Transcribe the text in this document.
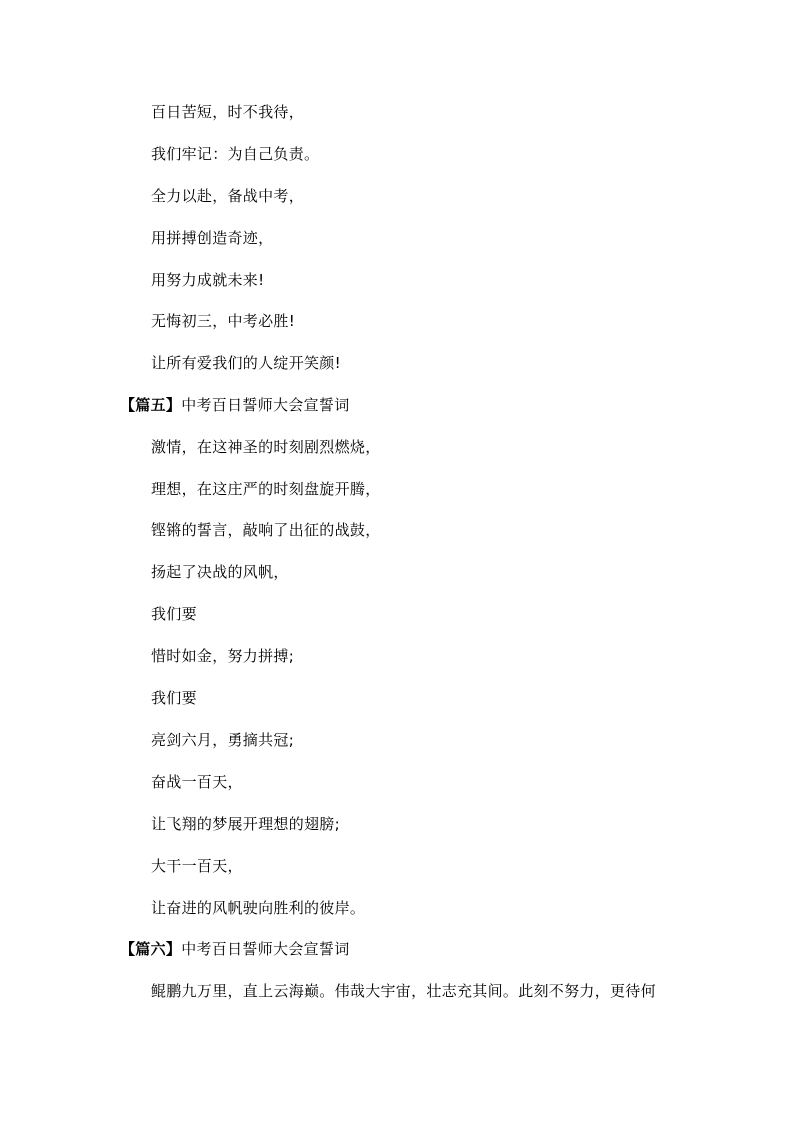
百日苦短，时不我待，
我们牢记：为自己负责。
全力以赴，备战中考，
用拼搏创造奇迹，
用努力成就未来!
无悔初三，中考必胜!
让所有爱我们的人绽开笑颜!
【篇五】中考百日誓师大会宣誓词
激情，在这神圣的时刻剧烈燃烧，
理想，在这庄严的时刻盘旋开腾，
铿锵的誓言，敲响了出征的战鼓，
扬起了决战的风帆，
我们要
惜时如金，努力拼搏;
我们要
亮剑六月，勇摘共冠;
奋战一百天，
让飞翔的梦展开理想的翅膀;
大干一百天，
让奋进的风帆驶向胜利的彼岸。
【篇六】中考百日誓师大会宣誓词
鲲鹏九万里，直上云海巅。伟哉大宇宙，壮志充其间。此刻不努力，更待何
